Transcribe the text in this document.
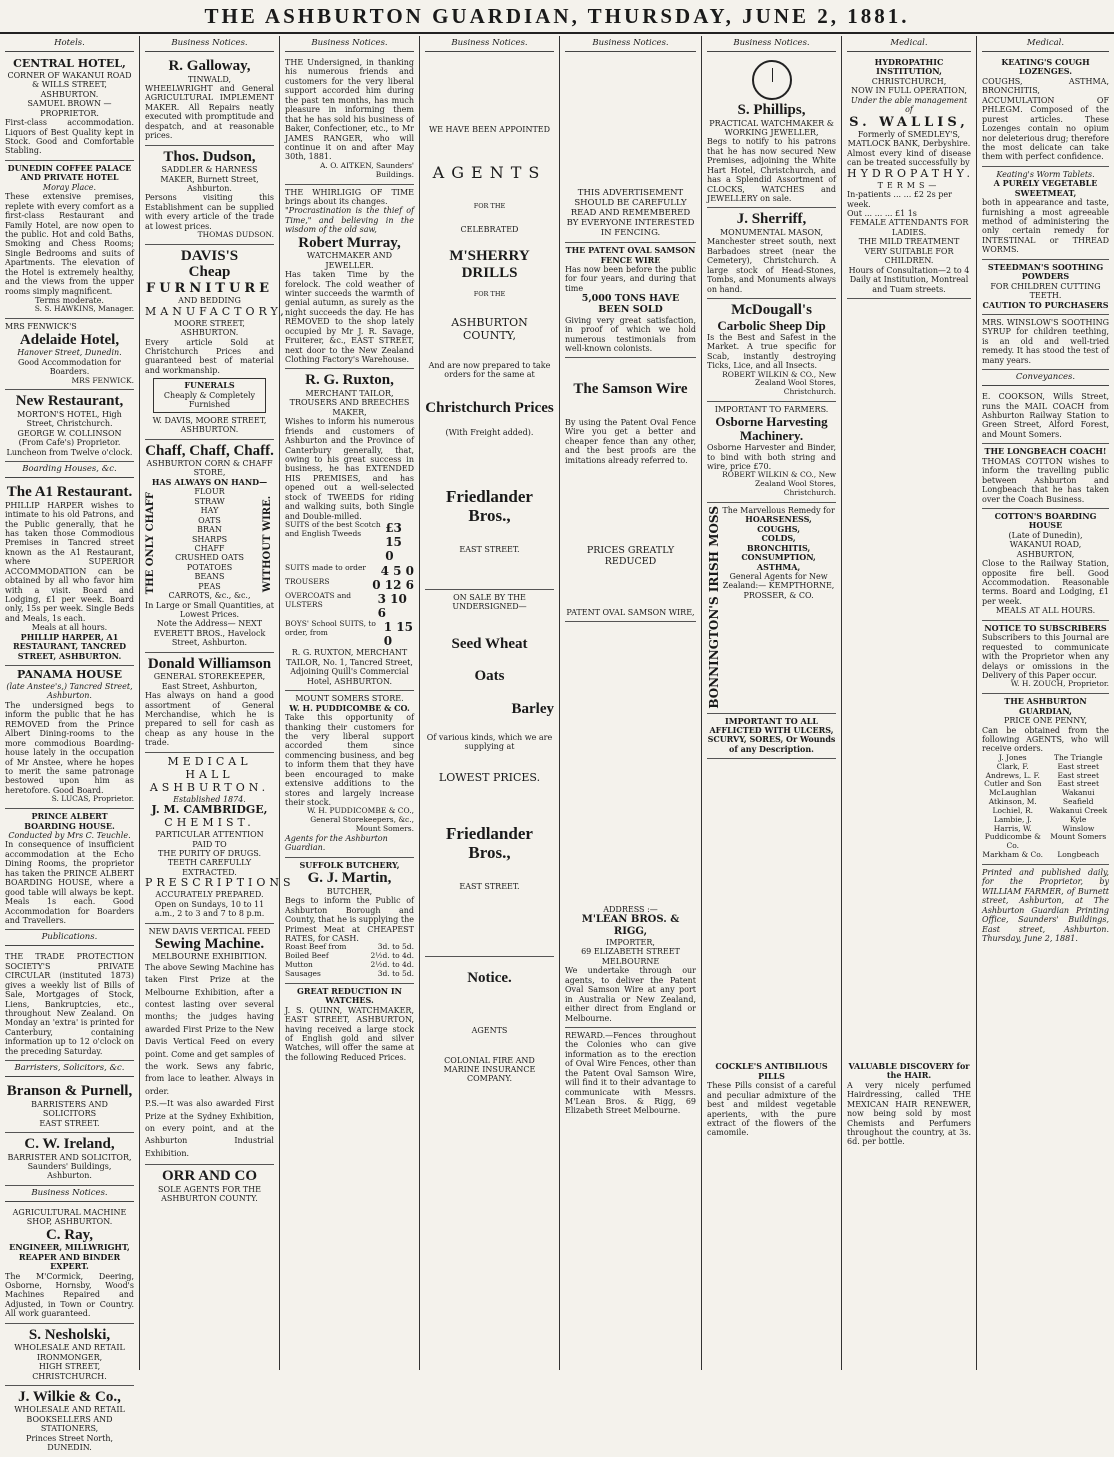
THE ASHBURTON GUARDIAN, THURSDAY, JUNE 2, 1881.
Hotels.
CENTRAL HOTEL,
CORNER OF WAKANUI ROAD & WILLS STREET, ASHBURTON.
SAMUEL BROWN — PROPRIETOR.
First-class accommodation. Liquors of Best Quality kept in Stock. Good and Comfortable Stabling.
DUNEDIN COFFEE PALACE AND PRIVATE HOTEL
Moray Place.
These extensive premises, replete with every comfort as a first-class Restaurant and Family Hotel, are now open to the public. Hot and cold Baths, Smoking and Chess Rooms; Single Bedrooms and suits of Apartments. The elevation of the Hotel is extremely healthy, and the views from the upper rooms simply magnificent.
Terms moderate.
S. S. HAWKINS, Manager.
MRS FENWICK'S
Adelaide Hotel,
Hanover Street, Dunedin.
Good Accommodation for Boarders.
MRS FENWICK.
New Restaurant,
MORTON'S HOTEL, High Street, Christchurch.
GEORGE W. COLLINSON (From Cafe's) Proprietor.
Luncheon from Twelve o'clock.
Boarding Houses, &c.
The A1 Restaurant.
PHILLIP HARPER wishes to intimate to his old Patrons, and the Public generally, that he has taken those Commodious Premises in Tancred street known as the A1 Restaurant, where SUPERIOR ACCOMMODATION can be obtained by all who favor him with a visit. Board and Lodging, £1 per week. Board only, 15s per week. Single Beds and Meals, 1s each.
Meals at all hours.
PHILLIP HARPER, A1 RESTAURANT, TANCRED STREET, ASHBURTON.
PANAMA HOUSE
(late Anstee's,) Tancred Street, Ashburton.
The undersigned begs to inform the public that he has REMOVED from the Prince Albert Dining-rooms to the more commodious Boarding-house lately in the occupation of Mr Anstee, where he hopes to merit the same patronage bestowed upon him as heretofore. Good Board.
S. LUCAS, Proprietor.
PRINCE ALBERT BOARDING HOUSE.
Conducted by Mrs C. Teuchle.
In consequence of insufficient accommodation at the Echo Dining Rooms, the proprietor has taken the PRINCE ALBERT BOARDING HOUSE, where a good table will always be kept. Meals 1s each. Good Accommodation for Boarders and Travellers.
Publications.
THE TRADE PROTECTION SOCIETY'S PRIVATE CIRCULAR (instituted 1873) gives a weekly list of Bills of Sale, Mortgages of Stock, Liens, Bankruptcies, etc., throughout New Zealand. On Monday an 'extra' is printed for Canterbury, containing information up to 12 o'clock on the preceding Saturday.
Barristers, Solicitors, &c.
Branson & Purnell,
BARRISTERS AND SOLICITORS
EAST STREET.
C. W. Ireland,
BARRISTER AND SOLICITOR,
Saunders' Buildings, Ashburton.
Business Notices.
AGRICULTURAL MACHINE SHOP, ASHBURTON.
C. Ray,
ENGINEER, MILLWRIGHT, REAPER AND BINDER EXPERT.
The M'Cormick, Deering, Osborne, Hornsby, Wood's Machines Repaired and Adjusted, in Town or Country. All work guaranteed.
S. Nesholski,
WHOLESALE AND RETAIL IRONMONGER,
HIGH STREET, CHRISTCHURCH.
J. Wilkie & Co.,
WHOLESALE AND RETAIL BOOKSELLERS AND STATIONERS,
Princes Street North, DUNEDIN.
Business Notices.
R. Galloway,
TINWALD,
WHEELWRIGHT and General AGRICULTURAL IMPLEMENT MAKER. All Repairs neatly executed with promptitude and despatch, and at reasonable prices.
Thos. Dudson,
SADDLER & HARNESS MAKER, Burnett Street, Ashburton.
Persons visiting this Establishment can be supplied with every article of the trade at lowest prices.
THOMAS DUDSON.
DAVIS'S
Cheap
FURNITURE
AND BEDDING
MANUFACTORY,
MOORE STREET, ASHBURTON.
Every article Sold at Christchurch Prices and guaranteed best of material and workmanship.
FUNERALS
Cheaply & Completely Furnished
W. DAVIS, MOORE STREET, ASHBURTON.
Chaff, Chaff, Chaff.
ASHBURTON CORN & CHAFF STORE,
HAS ALWAYS ON HAND—
THE ONLY CHAFF
FLOUR
STRAW
HAY
OATS
BRAN
SHARPS
CHAFF
CRUSHED OATS
POTATOES
BEANS
PEAS
CARROTS, &c., &c.,
WITHOUT WIRE.
In Large or Small Quantities, at Lowest Prices.
Note the Address— NEXT EVERETT BROS., Havelock Street, Ashburton.
Donald Williamson
GENERAL STOREKEEPER, East Street, Ashburton,
Has always on hand a good assortment of General Merchandise, which he is prepared to sell for cash as cheap as any house in the trade.
MEDICAL HALL
ASHBURTON.
Established 1874.
J. M. CAMBRIDGE,
CHEMIST.
PARTICULAR ATTENTION PAID TO
THE PURITY OF DRUGS.
TEETH CAREFULLY EXTRACTED.
PRESCRIPTIONS
ACCURATELY PREPARED.
Open on Sundays, 10 to 11 a.m., 2 to 3 and 7 to 8 p.m.
NEW DAVIS VERTICAL FEED
Sewing Machine.
MELBOURNE EXHIBITION.
The above Sewing Machine has taken First Prize at the Melbourne Exhibition, after a contest lasting over several months; the judges having awarded First Prize to the New Davis Vertical Feed on every point. Come and get samples of the work. Sews any fabric, from lace to leather. Always in order.
P.S.—It was also awarded First Prize at the Sydney Exhibition, on every point, and at the Ashburton Industrial Exhibition.
ORR AND CO
SOLE AGENTS FOR THE ASHBURTON COUNTY.
Business Notices.
THE Undersigned, in thanking his numerous friends and customers for the very liberal support accorded him during the past ten months, has much pleasure in informing them that he has sold his business of Baker, Confectioner, etc., to Mr JAMES RANGER, who will continue it on and after May 30th, 1881.
A. O. AITKEN, Saunders' Buildings.
THE WHIRLIGIG OF TIME brings about its changes.
"Procrastination is the thief of Time," and believing in the wisdom of the old saw,
Robert Murray,
WATCHMAKER AND JEWELLER.
Has taken Time by the forelock. The cold weather of winter succeeds the warmth of genial autumn, as surely as the night succeeds the day. He has REMOVED to the shop lately occupied by Mr J. R. Savage, Fruiterer, &c., EAST STREET, next door to the New Zealand Clothing Factory's Warehouse.
R. G. Ruxton,
MERCHANT TAILOR, TROUSERS AND BREECHES MAKER,
Wishes to inform his numerous friends and customers of Ashburton and the Province of Canterbury generally, that, owing to his great success in business, he has EXTENDED HIS PREMISES, and has opened out a well-selected stock of TWEEDS for riding and walking suits, both Single and Double-milled.
SUITS of the best Scotch and English Tweeds	£3 15 0
SUITS made to order 4 5 0
TROUSERS	0 12 6
OVERCOATS and ULSTERS	3 10 6
BOYS' School SUITS, to order, from	1 15 0
R. G. RUXTON, MERCHANT TAILOR, No. 1, Tancred Street, Adjoining Quill's Commercial Hotel, ASHBURTON.
MOUNT SOMERS STORE.
W. H. PUDDICOMBE & CO.
Take this opportunity of thanking their customers for the very liberal support accorded them since commencing business, and beg to inform them that they have been encouraged to make extensive additions to the stores and largely increase their stock.
W. H. PUDDICOMBE & CO., General Storekeepers, &c., Mount Somers.
Agents for the Ashburton Guardian.
SUFFOLK BUTCHERY,
G. J. Martin,
BUTCHER,
Begs to inform the Public of Ashburton Borough and County, that he is supplying the Primest Meat at CHEAPEST RATES, for CASH.
Roast Beef from	3d. to 5d.
Boiled Beef	2½d. to 4d.
Mutton	2½d. to 4d.
Sausages	3d. to 5d.
GREAT REDUCTION IN WATCHES.
J. S. QUINN, WATCHMAKER, EAST STREET, ASHBURTON, having received a large stock of English gold and silver Watches, will offer the same at the following Reduced Prices.
Business Notices.
WE HAVE BEEN APPOINTED
AGENTS
FOR THE
CELEBRATED
M'SHERRY DRILLS
FOR THE
ASHBURTON COUNTY,
And are now prepared to take orders for the same at
Christchurch Prices
(With Freight added).
Friedlander Bros.,
EAST STREET.
ON SALE BY THE UNDERSIGNED—
Seed Wheat
Oats
Barley
Of various kinds, which we are supplying at
LOWEST PRICES.
Friedlander Bros.,
EAST STREET.
Notice.
AGENTS
COLONIAL FIRE AND MARINE INSURANCE COMPANY.
Business Notices.
THIS ADVERTISEMENT SHOULD BE CAREFULLY READ AND REMEMBERED BY EVERYONE INTERESTED IN FENCING.
THE PATENT OVAL SAMSON FENCE WIRE
Has now been before the public for four years, and during that time
5,000 TONS HAVE BEEN SOLD
Giving very great satisfaction, in proof of which we hold numerous testimonials from well-known colonists.
The Samson Wire
By using the Patent Oval Fence Wire you get a better and cheaper fence than any other, and the best proofs are the imitations already referred to.
PRICES GREATLY REDUCED
PATENT OVAL SAMSON WIRE,
ADDRESS :—
M'LEAN BROS. & RIGG,
IMPORTER,
69 ELIZABETH STREET MELBOURNE
We undertake through our agents, to deliver the Patent Oval Samson Wire at any port in Australia or New Zealand, either direct from England or Melbourne.
REWARD.—Fences throughout the Colonies who can give information as to the erection of Oval Wire Fences, other than the Patent Oval Samson Wire, will find it to their advantage to communicate with Messrs. M'Lean Bros. & Rigg, 69 Elizabeth Street Melbourne.
Business Notices.
S. Phillips,
PRACTICAL WATCHMAKER & WORKING JEWELLER,
Begs to notify to his patrons that he has now secured New Premises, adjoining the White Hart Hotel, Christchurch, and has a Splendid Assortment of CLOCKS, WATCHES and JEWELLERY on sale.
J. Sherriff,
MONUMENTAL MASON,
Manchester street south, next Barbadoes street (near the Cemetery), Christchurch. A large stock of Head-Stones, Tombs, and Monuments always on hand.
McDougall's
Carbolic Sheep Dip
Is the Best and Safest in the Market. A true specific for Scab, instantly destroying Ticks, Lice, and all Insects.
ROBERT WILKIN & CO., New Zealand Wool Stores, Christchurch.
IMPORTANT TO FARMERS.
Osborne Harvesting Machinery.
Osborne Harvester and Binder, to bind with both string and wire, price £70.
ROBERT WILKIN & CO., New Zealand Wool Stores, Christchurch.
BONNINGTON'S IRISH MOSS The Marvellous Remedy for
HOARSENESS,
COUGHS,
COLDS,
BRONCHITIS,
CONSUMPTION,
ASTHMA,
General Agents for New Zealand:— KEMPTHORNE, PROSSER, & CO.
IMPORTANT TO ALL AFFLICTED WITH ULCERS, SCURVY, SORES, Or Wounds of any Description.
COCKLE'S ANTIBILIOUS PILLS
These Pills consist of a careful and peculiar admixture of the best and mildest vegetable aperients, with the pure extract of the flowers of the camomile.
Medical.
HYDROPATHIC INSTITUTION,
CHRISTCHURCH,
NOW IN FULL OPERATION,
Under the able management of
S. WALLIS,
Formerly of SMEDLEY'S, MATLOCK BANK, Derbyshire.
Almost every kind of disease can be treated successfully by
HYDROPATHY.
TERMS—
In-patients ... ... £2 2s per week.
Out ... ... ... £1 1s
FEMALE ATTENDANTS FOR LADIES.
THE MILD TREATMENT VERY SUITABLE FOR CHILDREN.
Hours of Consultation—2 to 4 Daily at Institution, Montreal and Tuam streets.
VALUABLE DISCOVERY for the HAIR.
A very nicely perfumed Hairdressing, called THE MEXICAN HAIR RENEWER, now being sold by most Chemists and Perfumers throughout the country, at 3s. 6d. per bottle.
Medical.
KEATING'S COUGH LOZENGES.
COUGHS, ASTHMA, BRONCHITIS, ACCUMULATION OF PHLEGM. Composed of the purest articles. These Lozenges contain no opium nor deleterious drug; therefore the most delicate can take them with perfect confidence.
Keating's Worm Tablets.
A PURELY VEGETABLE SWEETMEAT,
both in appearance and taste, furnishing a most agreeable method of administering the only certain remedy for INTESTINAL or THREAD WORMS.
STEEDMAN'S SOOTHING POWDERS
FOR CHILDREN CUTTING TEETH.
CAUTION TO PURCHASERS
MRS. WINSLOW'S SOOTHING SYRUP for children teething, is an old and well-tried remedy. It has stood the test of many years.
Conveyances.
E. COOKSON, Wills Street, runs the MAIL COACH from Ashburton Railway Station to Green Street, Alford Forest, and Mount Somers.
THE LONGBEACH COACH!
THOMAS COTTON wishes to inform the travelling public between Ashburton and Longbeach that he has taken over the Coach Business.
COTTON'S BOARDING HOUSE
(Late of Dunedin),
WAKANUI ROAD, ASHBURTON,
Close to the Railway Station, opposite fire bell. Good Accommodation. Reasonable terms. Board and Lodging, £1 per week.
MEALS AT ALL HOURS.
NOTICE TO SUBSCRIBERS
Subscribers to this Journal are requested to communicate with the Proprietor when any delays or omissions in the Delivery of this Paper occur.
W. H. ZOUCH, Proprietor.
THE ASHBURTON GUARDIAN,
PRICE ONE PENNY,
Can be obtained from the following AGENTS, who will receive orders.
J. Jones	The Triangle
Clark, F.	East street
Andrews, L. F.	East street
Cutler and Son	East street
McLaughlan	Wakanui
Atkinson, M.	Seafield
Lochiel, R.	Wakanui Creek
Lambie, J.	Kyle
Harris, W.	Winslow
Puddicombe & Co.
Mount Somers
Markham & Co.	Longbeach
Printed and published daily, for the Proprietor, by WILLIAM FARMER, of Burnett street, Ashburton, at The Ashburton Guardian Printing Office, Saunders' Buildings, East street, Ashburton. Thursday, June 2, 1881.
